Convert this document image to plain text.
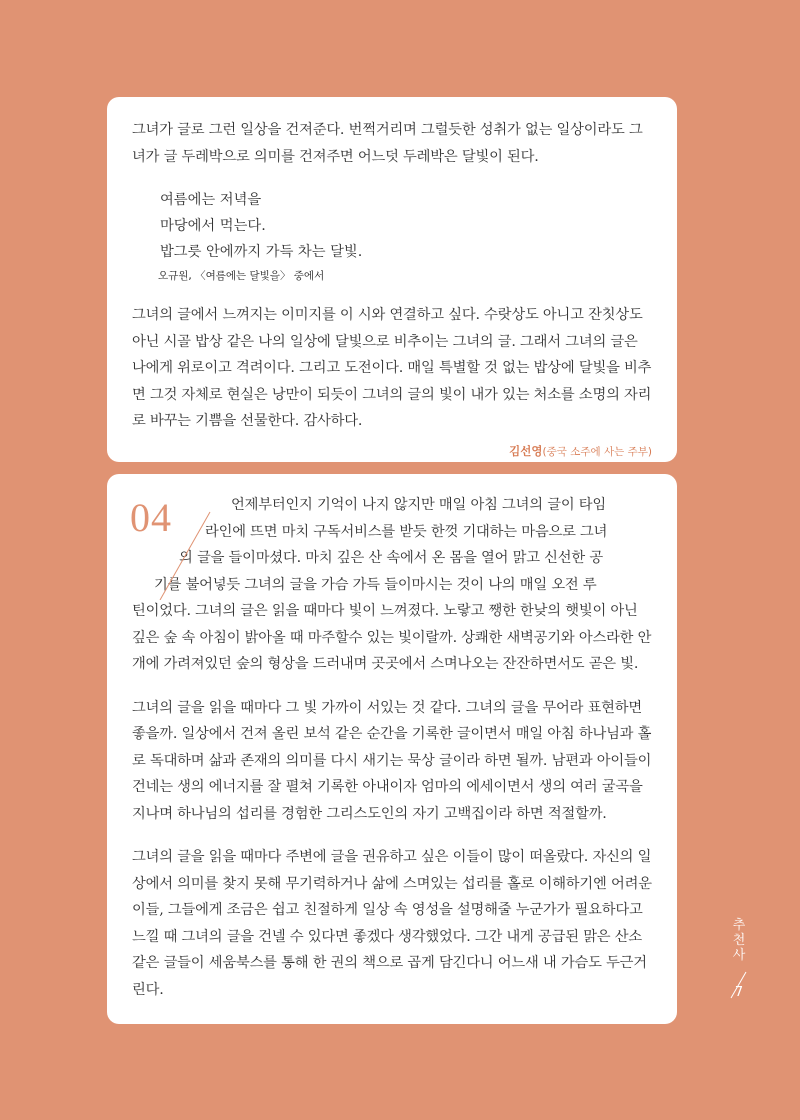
그녀가 글로 그런 일상을 건져준다. 번쩍거리며 그럴듯한 성취가 없는 일상이라도 그녀가 글 두레박으로 의미를 건져주면 어느덧 두레박은 달빛이 된다.

여름에는 저녁을
마당에서 먹는다.
밥그릇 안에까지 가득 차는 달빛.
오규원, 〈여름에는 달빛을〉 중에서

그녀의 글에서 느껴지는 이미지를 이 시와 연결하고 싶다. 수랏상도 아니고 잔칫상도 아닌 시골 밥상 같은 나의 일상에 달빛으로 비추이는 그녀의 글. 그래서 그녀의 글은 나에게 위로이고 격려이다. 그리고 도전이다. 매일 특별할 것 없는 밥상에 달빛을 비추면 그것 자체로 현실은 낭만이 되듯이 그녀의 글의 빛이 내가 있는 처소를 소명의 자리로 바꾸는 기쁨을 선물한다. 감사하다.

김선영(중국 소주에 사는 주부)
04	언제부터인지 기억이 나지 않지만 매일 아침 그녀의 글이 타임
라인에 뜨면 마치 구독서비스를 받듯 한껏 기대하는 마음으로 그녀
의 글을 들이마셨다. 마치 깊은 산 속에서 온 몸을 열어 맑고 신선한 공
기를 불어넣듯 그녀의 글을 가슴 가득 들이마시는 것이 나의 매일 오전 루
틴이었다. 그녀의 글은 읽을 때마다 빛이 느껴졌다. 노랗고 쨍한 한낮의 햇빛이 아닌 깊은 숲 속 아침이 밝아올 때 마주할수 있는 빛이랄까. 상쾌한 새벽공기와 아스라한 안개에 가려져있던 숲의 형상을 드러내며 곳곳에서 스며나오는 잔잔하면서도 곧은 빛.

그녀의 글을 읽을 때마다 그 빛 가까이 서있는 것 같다. 그녀의 글을 무어라 표현하면 좋을까. 일상에서 건져 올린 보석 같은 순간을 기록한 글이면서 매일 아침 하나님과 홀로 독대하며 삶과 존재의 의미를 다시 새기는 묵상 글이라 하면 될까. 남편과 아이들이 건네는 생의 에너지를 잘 펼쳐 기록한 아내이자 엄마의 에세이면서 생의 여러 굴곡을 지나며 하나님의 섭리를 경험한 그리스도인의 자기 고백집이라 하면 적절할까.

그녀의 글을 읽을 때마다 주변에 글을 권유하고 싶은 이들이 많이 떠올랐다. 자신의 일상에서 의미를 찾지 못해 무기력하거나 삶에 스며있는 섭리를 홀로 이해하기엔 어려운 이들, 그들에게 조금은 쉽고 친절하게 일상 속 영성을 설명해줄 누군가가 필요하다고 느낄 때 그녀의 글을 건넬 수 있다면 좋겠다 생각했었다. 그간 내게 공급된 맑은 산소같은 글들이 세움북스를 통해 한 권의 책으로 곱게 담긴다니 어느새 내 가슴도 두근거린다.

추
천
사
7
